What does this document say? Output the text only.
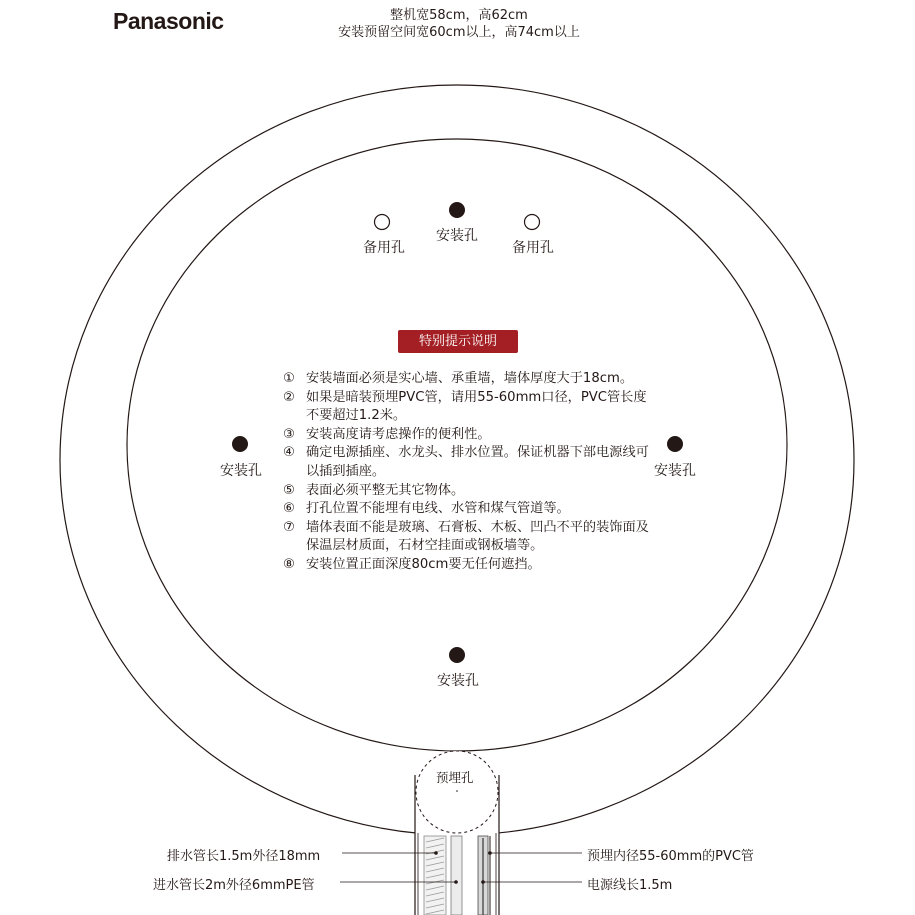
Panasonic	整机宽58cm，高62cm
安装预留空间宽60cm以上，高74cm以上
安装孔
备用孔	备用孔
安装孔	安装孔
安装孔
预埋孔
特别提示说明
① 安装墙面必须是实心墙、承重墙，墙体厚度大于18cm。
② 如果是暗装预埋PVC管，请用55-60mm口径，PVC管长度不要超过1.2米。
③ 安装高度请考虑操作的便利性。
④ 确定电源插座、水龙头、排水位置。保证机器下部电源线可以插到插座。
⑤ 表面必须平整无其它物体。
⑥ 打孔位置不能埋有电线、水管和煤气管道等。
⑦ 墙体表面不能是玻璃、石膏板、木板、凹凸不平的装饰面及保温层材质面，石材空挂面或钢板墙等。
⑧ 安装位置正面深度80cm要无任何遮挡。
排水管长1.5m外径18mm
进水管长2m外径6mmPE管
预埋内径55-60mm的PVC管
电源线长1.5m
